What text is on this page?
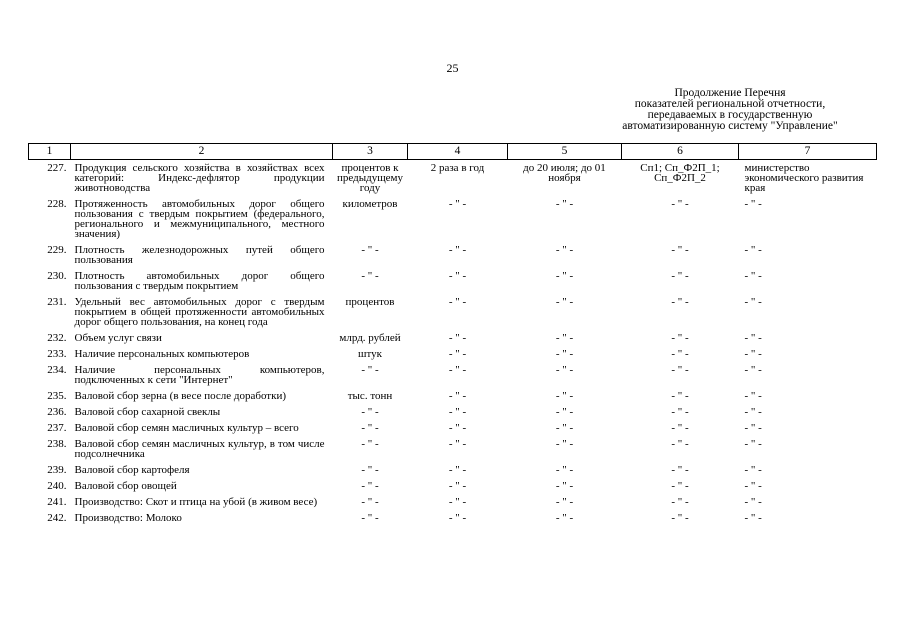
25
Продолжение Перечня
показателей региональной отчетности,
передаваемых в государственную
автоматизированную систему "Управление"
1	2	3	4	5	6	7
227.	Продукция сельского хозяйства в хозяйствах всех категорий: Индекс-дефлятор продукции животноводства	процентов к предыдущему году	2 раза в год	до 20 июля; до 01 ноября	Сп1; Сп_Ф2П_1; Сп_Ф2П_2	министерство экономического развития края
228.	Протяженность автомобильных дорог общего пользования с твердым покрытием (федерального, регионального и межмуниципального, местного значения)	километров	- " -	- " -	- " -	- " -
229.	Плотность железнодорожных путей общего пользования	- " -	- " -	- " -	- " -	- " -
230.	Плотность автомобильных дорог общего пользования с твердым покрытием	- " -	- " -	- " -	- " -	- " -
231.	Удельный вес автомобильных дорог с твердым покрытием в общей протяженности автомобильных дорог общего пользования, на конец года	процентов	- " -	- " -	- " -	- " -
232.	Объем услуг связи	млрд. рублей	- " -	- " -	- " -	- " -
233.	Наличие персональных компьютеров	штук	- " -	- " -	- " -	- " -
234.	Наличие персональных компьютеров, подключенных к сети "Интернет"	- " -	- " -	- " -	- " -	- " -
235.	Валовой сбор зерна (в весе после доработки)	тыс. тонн	- " -	- " -	- " -	- " -
236.	Валовой сбор сахарной свеклы	- " -	- " -	- " -	- " -	- " -
237.	Валовой сбор семян масличных культур – всего	- " -	- " -	- " -	- " -	- " -
238.	Валовой сбор семян масличных культур, в том числе подсолнечника	- " -	- " -	- " -	- " -	- " -
239.	Валовой сбор картофеля	- " -	- " -	- " -	- " -	- " -
240.	Валовой сбор овощей	- " -	- " -	- " -	- " -	- " -
241.	Производство: Скот и птица на убой (в живом весе)	- " -	- " -	- " -	- " -	- " -
242.	Производство: Молоко	- " -	- " -	- " -	- " -	- " -
